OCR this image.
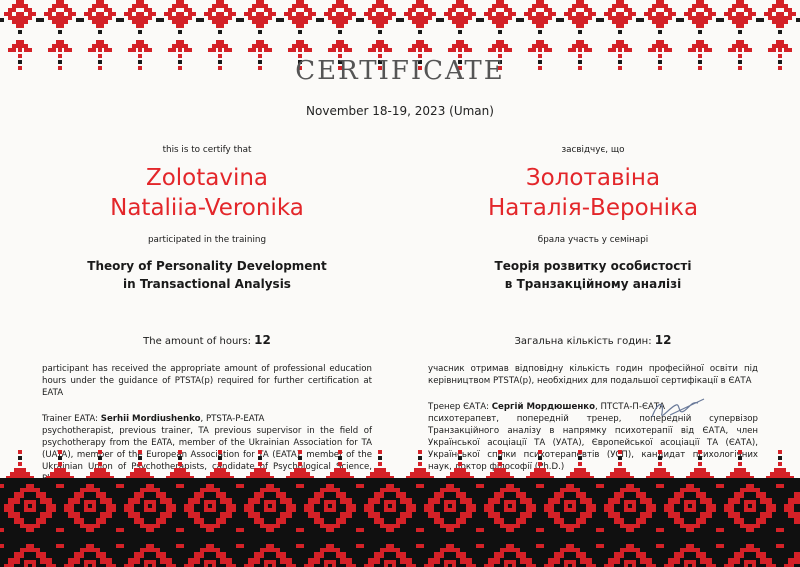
CERTIFICATE
November 18-19, 2023 (Uman)
this is to certify that
Zolotavina
Nataliia-Veronika
participated in the training
Theory of Personality Development
in Transactional Analysis
The amount of hours: 12
participant has received the appropriate amount of professional education hours under the guidance of PTSTA(p) required for further certification at EATA
Trainer EATA: Serhii Mordiushenko, PTSTA-P-EATA
psychotherapist, previous trainer, TA previous supervisor in the field of
засвідчує, що
Золотавіна
Наталія-Вероніка
брала участь у семінарі
Теорія розвитку особистості
в Транзакційному аналізі
Загальна кількість годин: 12
учасник отримав відповідну кількість годин професійної освіти під керівництвом PTSTA(p), необхідних для подальшої сертифікації в ЄАТА
Тренер ЄАТА: Сергій Мордюшенко, ПТСТА-П-ЄАТА
психотерапевт, попередній тренер, попередній супервізор Транзакційного аналізу в напрямку психотерапії від ЄАТА, член
